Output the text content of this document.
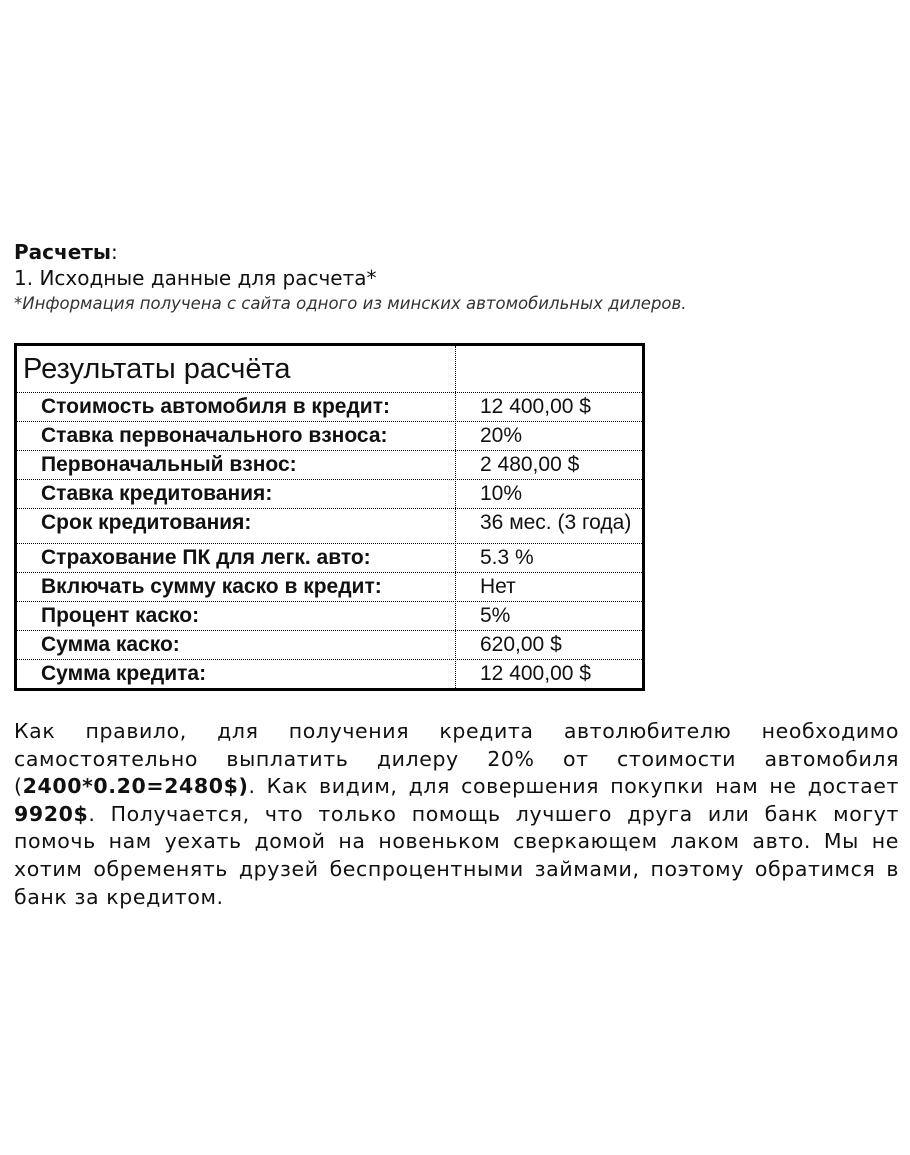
Расчеты:
1. Исходные данные для расчета*
*Информация получена с сайта одного из минских автомобильных дилеров.
Результаты расчёта
Стоимость автомобиля в кредит:	12 400,00 $
Ставка первоначального взноса:	20%
Первоначальный взнос:	2 480,00 $
Ставка кредитования:	10%
Срок кредитования:	36 мес. (3 года)
Страхование ПК для легк. авто:	5.3 %
Включать сумму каско в кредит:	Нет
Процент каско:	5%
Сумма каско:	620,00 $
Сумма кредита:	12 400,00 $
Как правило, для получения кредита автолюбителю необходимо самостоятельно выплатить дилеру 20% от стоимости автомобиля (2400*0.20=2480$). Как видим, для совершения покупки нам не достает 9920$. Получается, что только помощь лучшего друга или банк могут помочь нам уехать домой на новеньком сверкающем лаком авто. Мы не хотим обременять друзей беспроцентными займами, поэтому обратимся в банк за кредитом.
